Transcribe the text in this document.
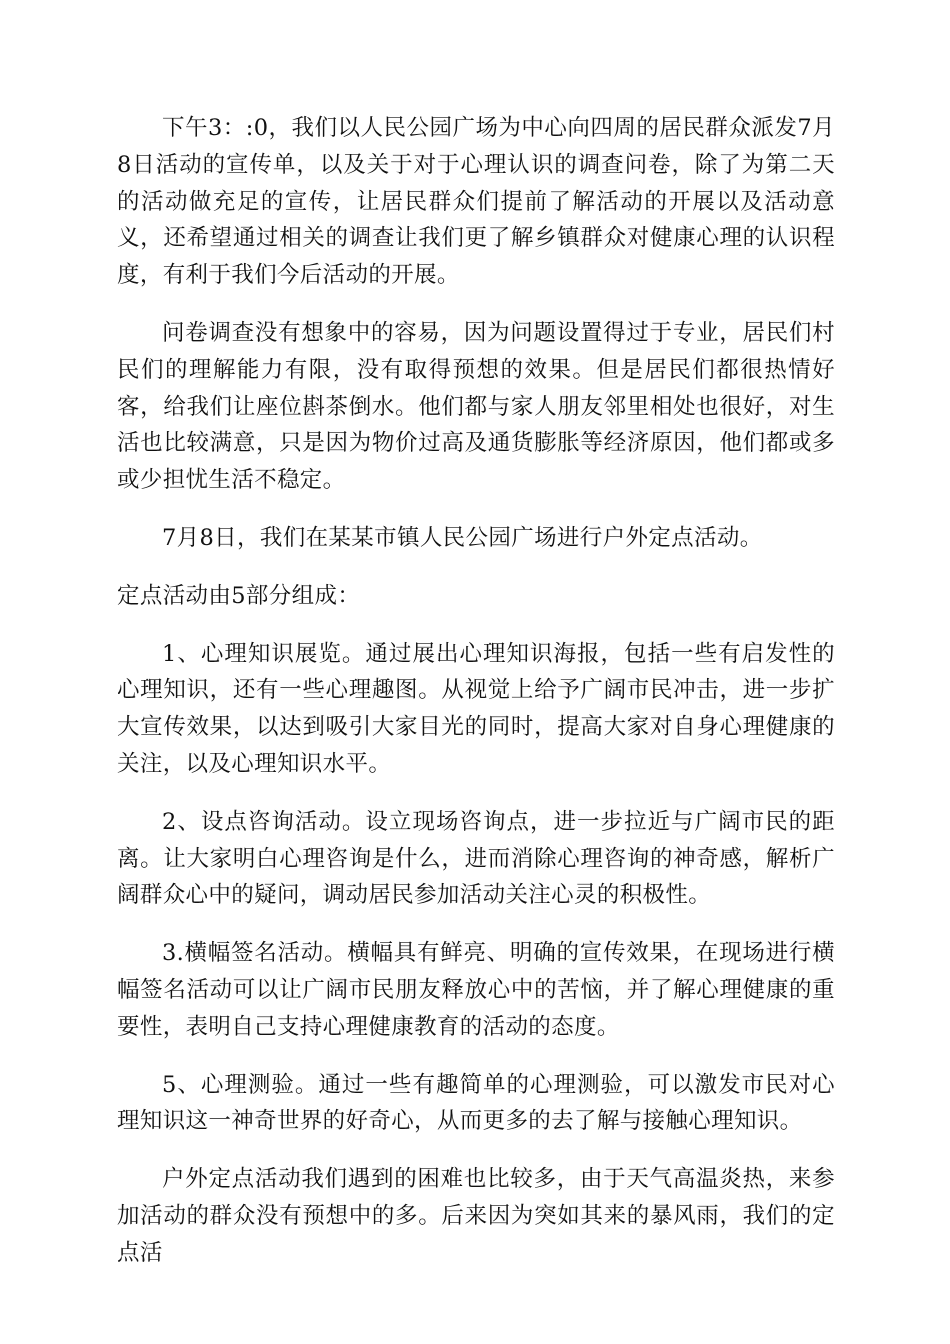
下午3：:0，我们以人民公园广场为中心向四周的居民群众派发7月8日活动的宣传单，以及关于对于心理认识的调查问卷，除了为第二天的活动做充足的宣传，让居民群众们提前了解活动的开展以及活动意义，还希望通过相关的调查让我们更了解乡镇群众对健康心理的认识程度，有利于我们今后活动的开展。

问卷调查没有想象中的容易，因为问题设置得过于专业，居民们村民们的理解能力有限，没有取得预想的效果。但是居民们都很热情好客，给我们让座位斟茶倒水。他们都与家人朋友邻里相处也很好，对生活也比较满意，只是因为物价过高及通货膨胀等经济原因，他们都或多或少担忧生活不稳定。

7月8日，我们在某某市镇人民公园广场进行户外定点活动。

定点活动由5部分组成：

1、心理知识展览。通过展出心理知识海报，包括一些有启发性的心理知识，还有一些心理趣图。从视觉上给予广阔市民冲击，进一步扩大宣传效果，以达到吸引大家目光的同时，提高大家对自身心理健康的关注，以及心理知识水平。

2、设点咨询活动。设立现场咨询点，进一步拉近与广阔市民的距离。让大家明白心理咨询是什么，进而消除心理咨询的神奇感，解析广阔群众心中的疑问，调动居民参加活动关注心灵的积极性。

3.横幅签名活动。横幅具有鲜亮、明确的宣传效果，在现场进行横幅签名活动可以让广阔市民朋友释放心中的苦恼，并了解心理健康的重要性，表明自己支持心理健康教育的活动的态度。

5、心理测验。通过一些有趣简单的心理测验，可以激发市民对心理知识这一神奇世界的好奇心，从而更多的去了解与接触心理知识。

户外定点活动我们遇到的困难也比较多，由于天气高温炎热，来参加活动的群众没有预想中的多。后来因为突如其来的暴风雨，我们的定点活
